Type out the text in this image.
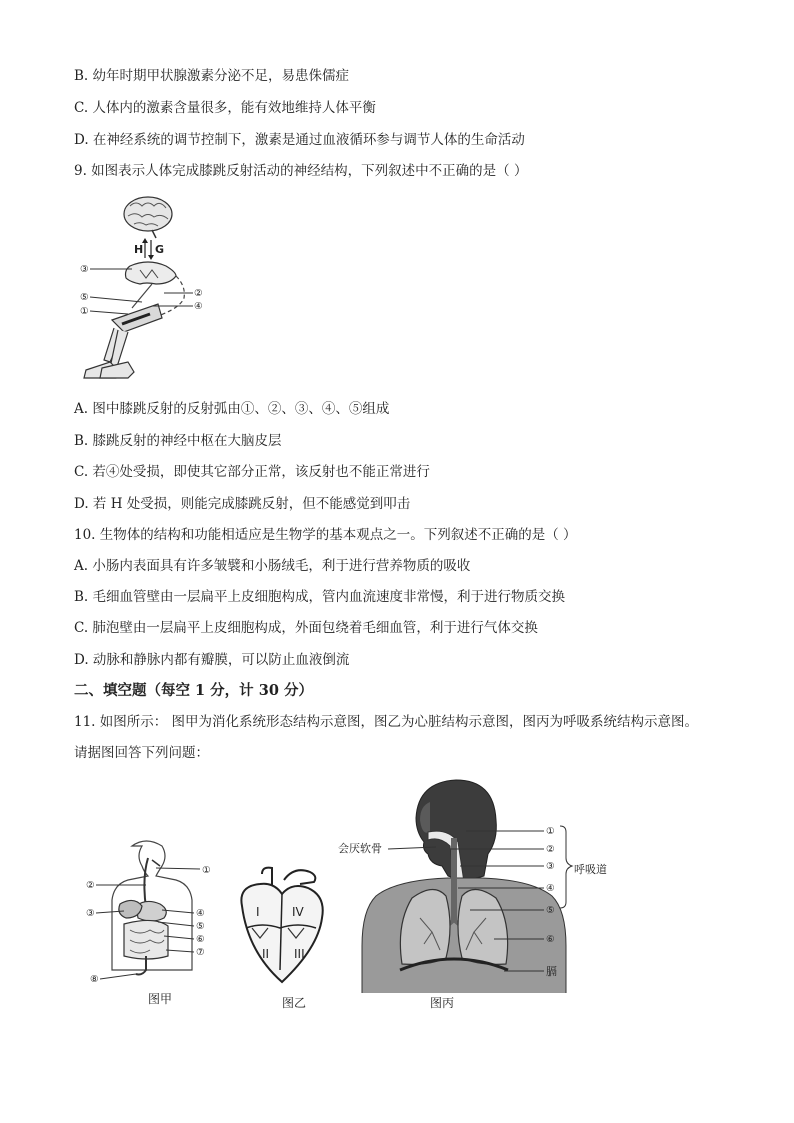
B. 幼年时期甲状腺激素分泌不足，易患侏儒症
C. 人体内的激素含量很多，能有效地维持人体平衡
D. 在神经系统的调节控制下，激素是通过血液循环参与调节人体的生命活动
9. 如图表示人体完成膝跳反射活动的神经结构，下列叙述中不正确的是（ ）
H G
③
⑤
①
②
④
A. 图中膝跳反射的反射弧由①、②、③、④、⑤组成
B. 膝跳反射的神经中枢在大脑皮层
C. 若④处受损，即使其它部分正常，该反射也不能正常进行
D. 若 H 处受损，则能完成膝跳反射，但不能感觉到叩击
10. 生物体的结构和功能相适应是生物学的基本观点之一。下列叙述不正确的是（ ）
A. 小肠内表面具有许多皱襞和小肠绒毛，利于进行营养物质的吸收
B. 毛细血管壁由一层扁平上皮细胞构成，管内血流速度非常慢，利于进行物质交换
C. 肺泡壁由一层扁平上皮细胞构成，外面包绕着毛细血管，利于进行气体交换
D. 动脉和静脉内都有瓣膜，可以防止血液倒流
二、填空题（每空 1 分，计 30 分）
11. 如图所示： 图甲为消化系统形态结构示意图，图乙为心脏结构示意图，图丙为呼吸系统结构示意图。
请据图回答下列问题：
①
②
③	④
⑤
⑥
⑦
⑧
图甲
I
II III
IV
图乙
会厌软骨
①
②
③
④
⑤
⑥
呼吸道
膈
图丙
